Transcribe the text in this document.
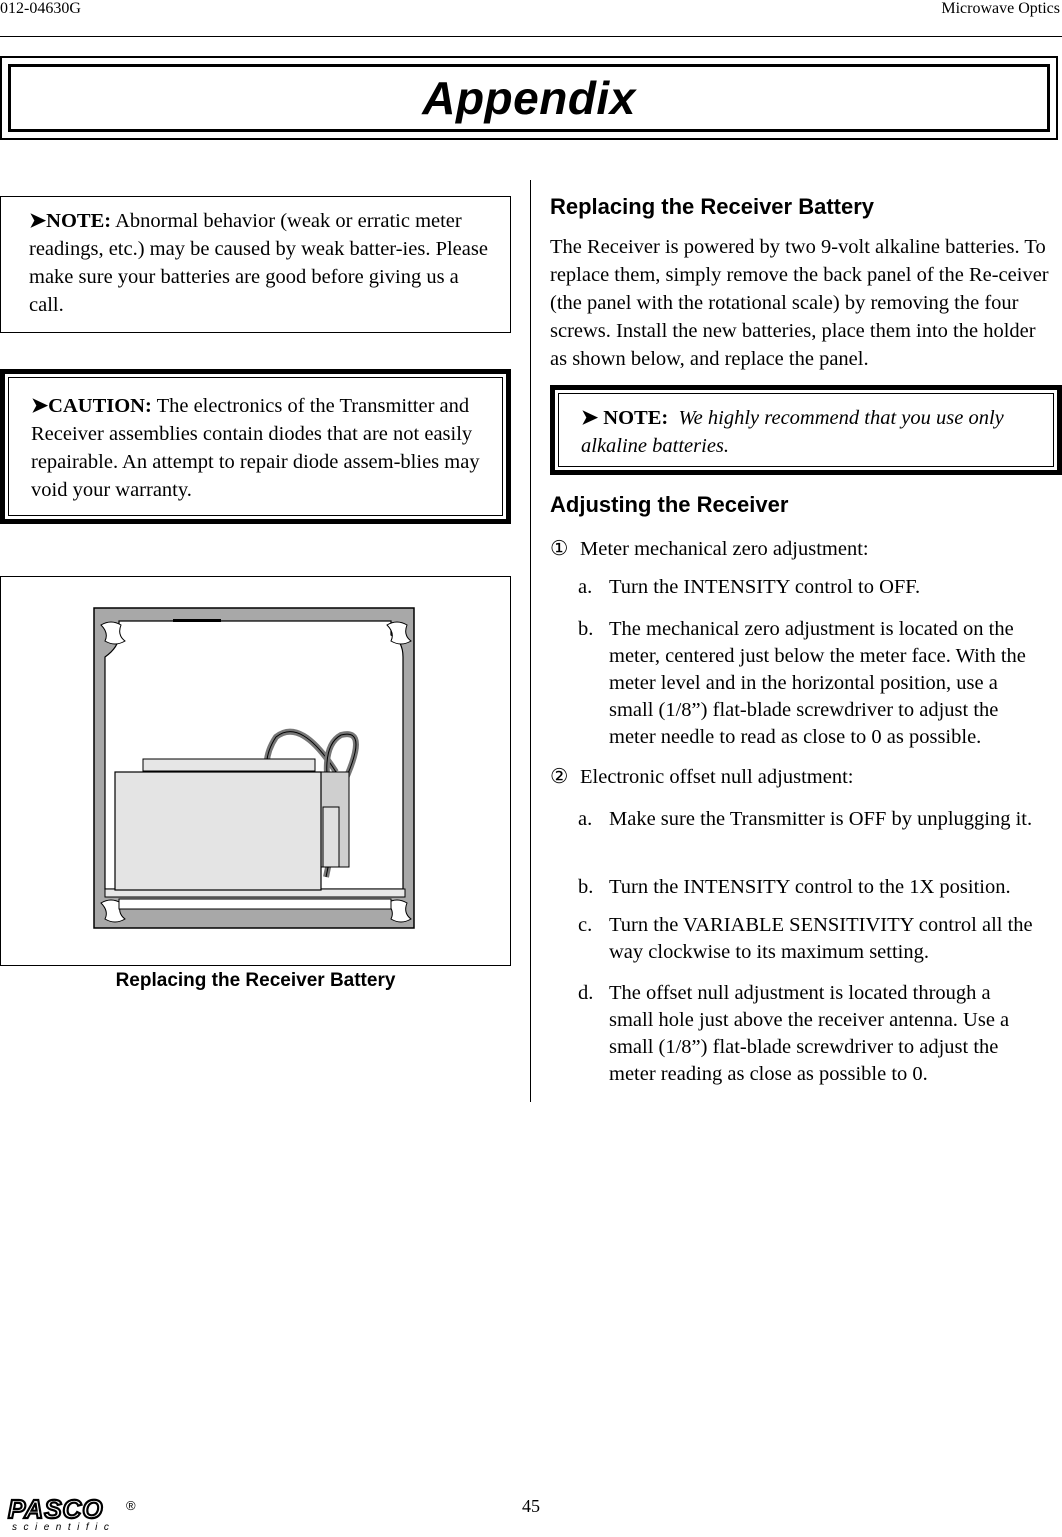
012-04630G	Microwave Optics
Appendix
➤NOTE: Abnormal behavior (weak or erratic meter readings, etc.) may be caused by weak batter-ies. Please make sure your batteries are good before giving us a call.
➤CAUTION: The electronics of the Transmitter and Receiver assemblies contain diodes that are not easily repairable. An attempt to repair diode assem-blies may void your warranty.
Replacing the Receiver Battery
Replacing the Receiver Battery
The Receiver is powered by two 9-volt alkaline batteries. To replace them, simply remove the back panel of the Re-ceiver (the panel with the rotational scale) by removing the four screws. Install the new batteries, place them into the holder as shown below, and replace the panel.
➤ NOTE: We highly recommend that you use only alkaline batteries.
Adjusting the Receiver
① Meter mechanical zero adjustment:
a. Turn the INTENSITY control to OFF.
b. The mechanical zero adjustment is located on the meter, centered just below the meter face. With the meter level and in the horizontal position, use a small (1/8”) flat-blade screwdriver to adjust the meter needle to read as close to 0 as possible.
② Electronic offset null adjustment:
a. Make sure the Transmitter is OFF by unplugging it.
b. Turn the INTENSITY control to the 1X position.
c. Turn the VARIABLE SENSITIVITY control all the way clockwise to its maximum setting.
d. The offset null adjustment is located through a small hole just above the receiver antenna. Use a small (1/8”) flat-blade screwdriver to adjust the meter reading as close as possible to 0.
45
PASCO
scientific
®
